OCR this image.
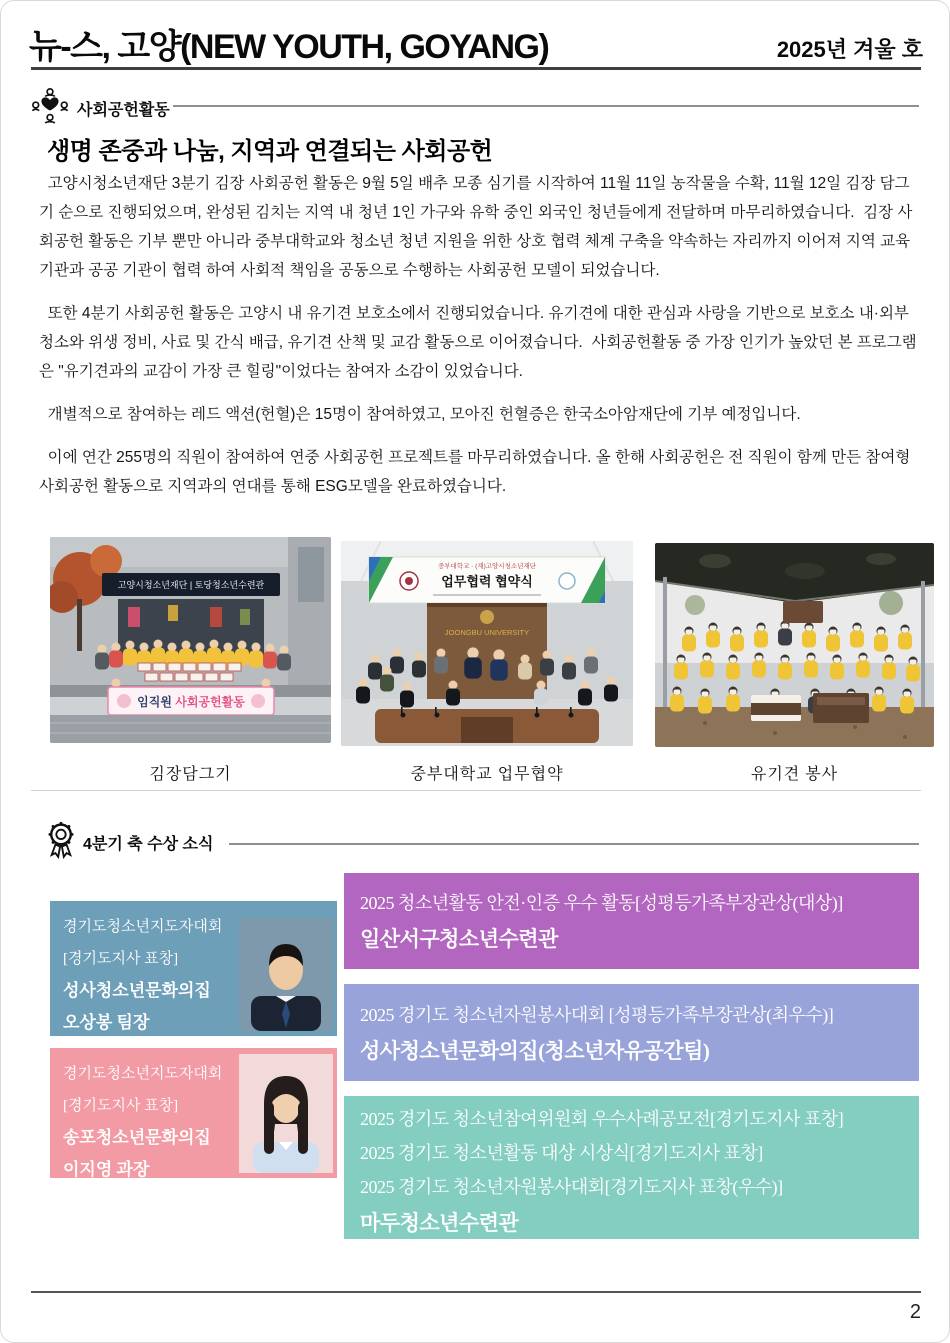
뉴-스, 고양(NEW YOUTH, GOYANG)	2025년 겨울 호
사회공헌활동
생명 존중과 나눔, 지역과 연결되는 사회공헌

고양시청소년재단 3분기 김장 사회공헌 활동은 9월 5일 배추 모종 심기를 시작하여 11월 11일 농작물을 수확, 11월 12일 김장 담그기 순으로 진행되었으며, 완성된 김치는 지역 내 청년 1인 가구와 유학 중인 외국인 청년들에게 전달하며 마무리하였습니다.  김장 사회공헌 활동은 기부 뿐만 아니라 중부대학교와 청소년 청년 지원을 위한 상호 협력 체계 구축을 약속하는 자리까지 이어져 지역 교육 기관과 공공 기관이 협력 하여 사회적 책임을 공동으로 수행하는 사회공헌 모델이 되었습니다.

또한 4분기 사회공헌 활동은 고양시 내 유기견 보호소에서 진행되었습니다. 유기견에 대한 관심과 사랑을 기반으로 보호소 내·외부 청소와 위생 정비, 사료 및 간식 배급, 유기견 산책 및 교감 활동으로 이어졌습니다.  사회공헌활동 중 가장 인기가 높았던 본 프로그램은 "유기견과의 교감이 가장 큰 힐링"이었다는 참여자 소감이 있었습니다.

개별적으로 참여하는 레드 액션(헌혈)은 15명이 참여하였고, 모아진 헌혈증은 한국소아암재단에 기부 예정입니다.

이에 연간 255명의 직원이 참여하여 연중 사회공헌 프로젝트를 마무리하였습니다. 올 한해 사회공헌은 전 직원이 함께 만든 참여형 사회공헌 활동으로 지역과의 연대를 통해 ESG모델을 완료하였습니다.

고양시청소년재단 | 토당청소년수련관
임직원 사회공헌활동
중부대학교 · (재)고양시청소년재단
업무협력 협약식
JOONGBU UNIVERSITY
김장담그기	중부대학교 업무협약	유기견 봉사
4분기 축 수상 소식
경기도청소년지도자대회
[경기도지사 표창]
성사청소년문화의집
오상봉 팀장
경기도청소년지도자대회
[경기도지사 표창]
송포청소년문화의집
이지영 과장
2025 청소년활동 안전·인증 우수 활동[성평등가족부장관상(대상)]
일산서구청소년수련관
2025 경기도 청소년자원봉사대회 [성평등가족부장관상(최우수)]
성사청소년문화의집(청소년자유공간팀)
2025 경기도 청소년참여위원회 우수사례공모전[경기도지사 표창]
2025 경기도 청소년활동 대상 시상식[경기도지사 표창]
2025 경기도 청소년자원봉사대회[경기도지사 표창(우수)]
마두청소년수련관
2
